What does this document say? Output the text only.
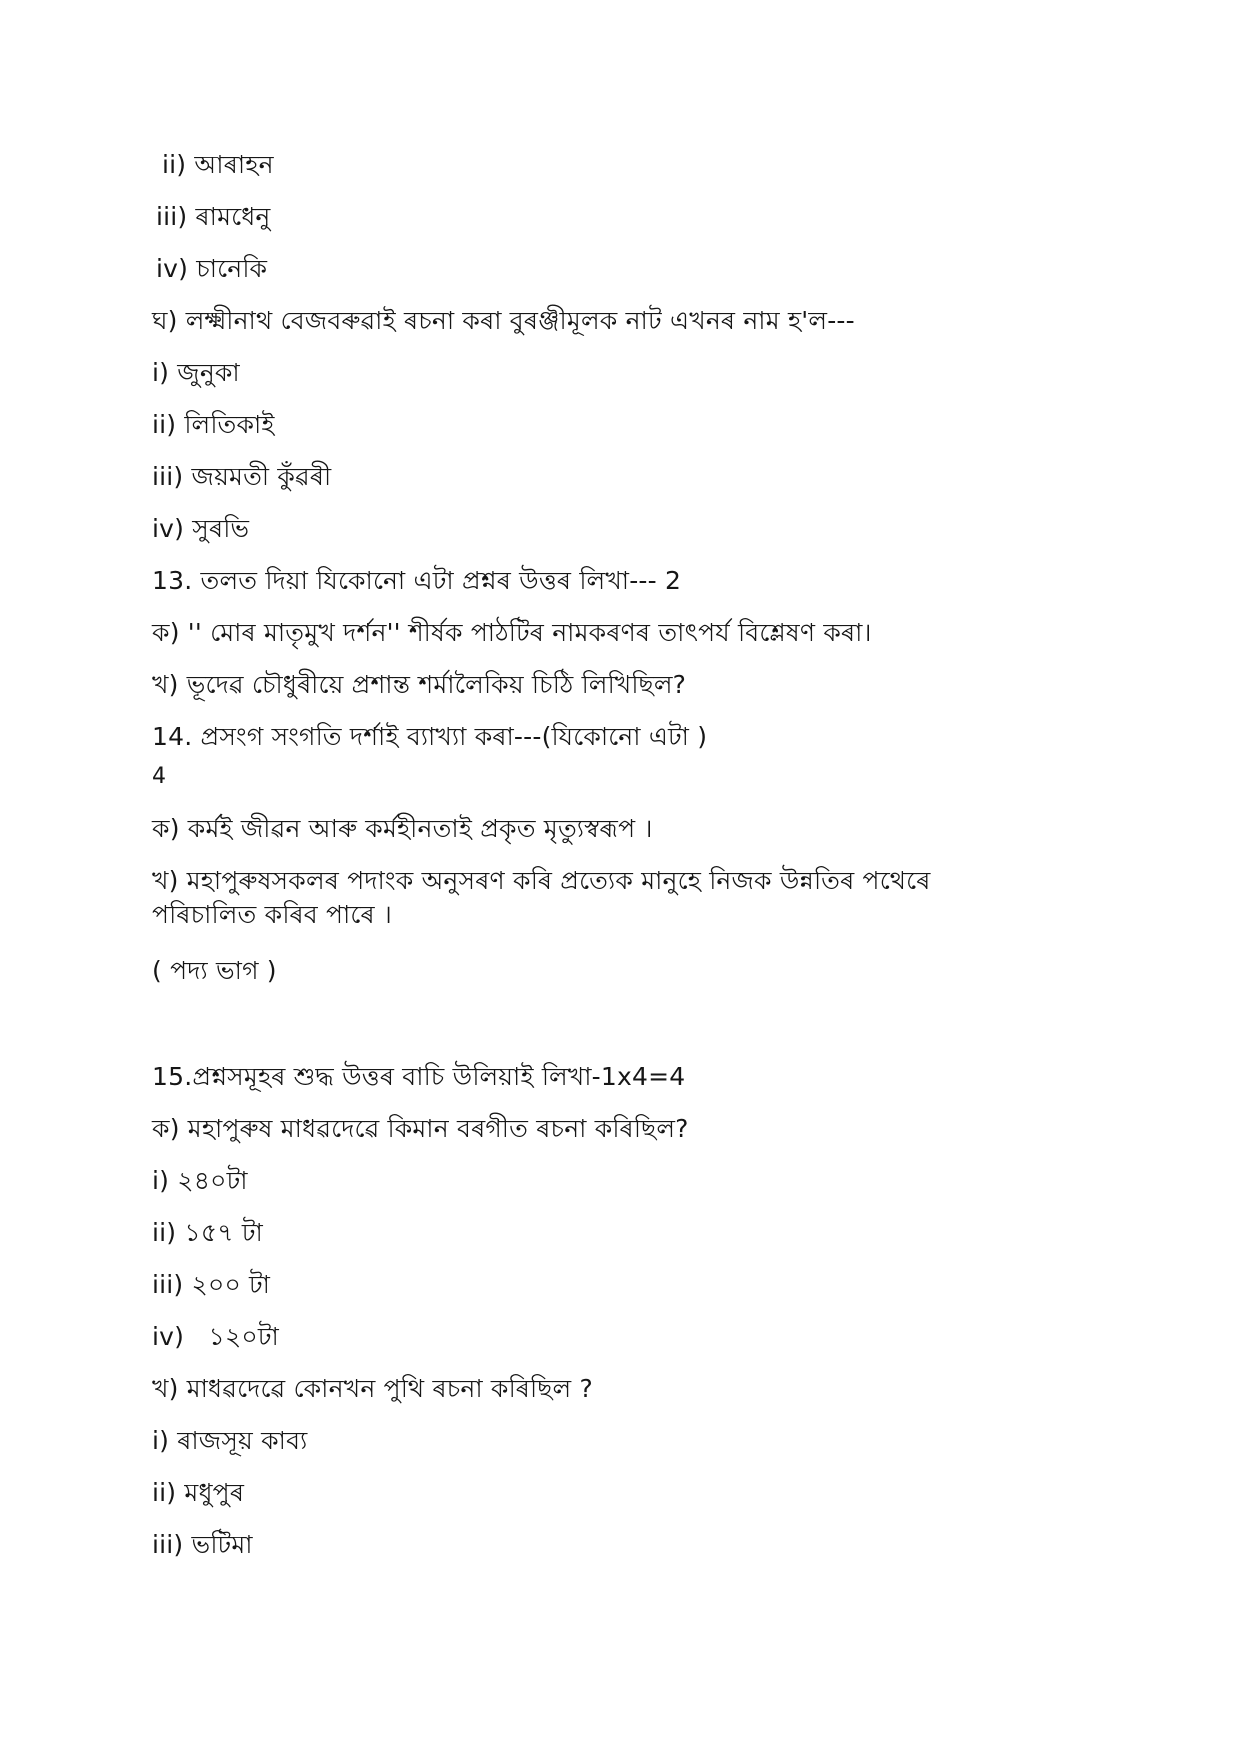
ii) আৰাহন
iii) ৰামধেনু
iv) চানেকি
ঘ) লক্ষ্মীনাথ বেজবৰুৱাই ৰচনা কৰা বুৰঞ্জীমূলক নাট এখনৰ নাম হ'ল---
i) জুনুকা
ii) লিতিকাই
iii) জয়মতী কুঁৱৰী
iv) সুৰভি
13. তলত দিয়া যিকোনো এটা প্ৰশ্নৰ উত্তৰ লিখা--- 2
ক) '' মোৰ মাতৃমুখ দৰ্শন'' শীৰ্ষক পাঠটিৰ নামকৰণৰ তাৎপৰ্য বিশ্লেষণ কৰা।
খ) ভূদেৱ চৌধুৰীয়ে প্ৰশান্ত শৰ্মালৈকিয় চিঠি লিখিছিল?
14. প্ৰসংগ সংগতি দৰ্শাই ব্যাখ্যা কৰা---(যিকোনো এটা )
4
ক) কৰ্মই জীৱন আৰু কৰ্মহীনতাই প্ৰকৃত মৃত্যুস্বৰূপ ।
খ) মহাপুৰুষসকলৰ পদাংক অনুসৰণ কৰি প্ৰত্যেক মানুহে নিজক উন্নতিৰ পথেৰে
পৰিচালিত কৰিব পাৰে ।
( পদ্য ভাগ )
15.প্ৰশ্নসমূহৰ শুদ্ধ উত্তৰ বাচি উলিয়াই লিখা-1x4=4
ক) মহাপুৰুষ মাধৱদেৱে কিমান বৰগীত ৰচনা কৰিছিল?
i) ২৪০টা
ii) ১৫৭ টা
iii) ২০০ টা
iv)   ১২০টা
খ) মাধৱদেৱে কোনখন পুথি ৰচনা কৰিছিল ?
i) ৰাজসূয় কাব্য
ii) মধুপুৰ
iii) ভটিমা
